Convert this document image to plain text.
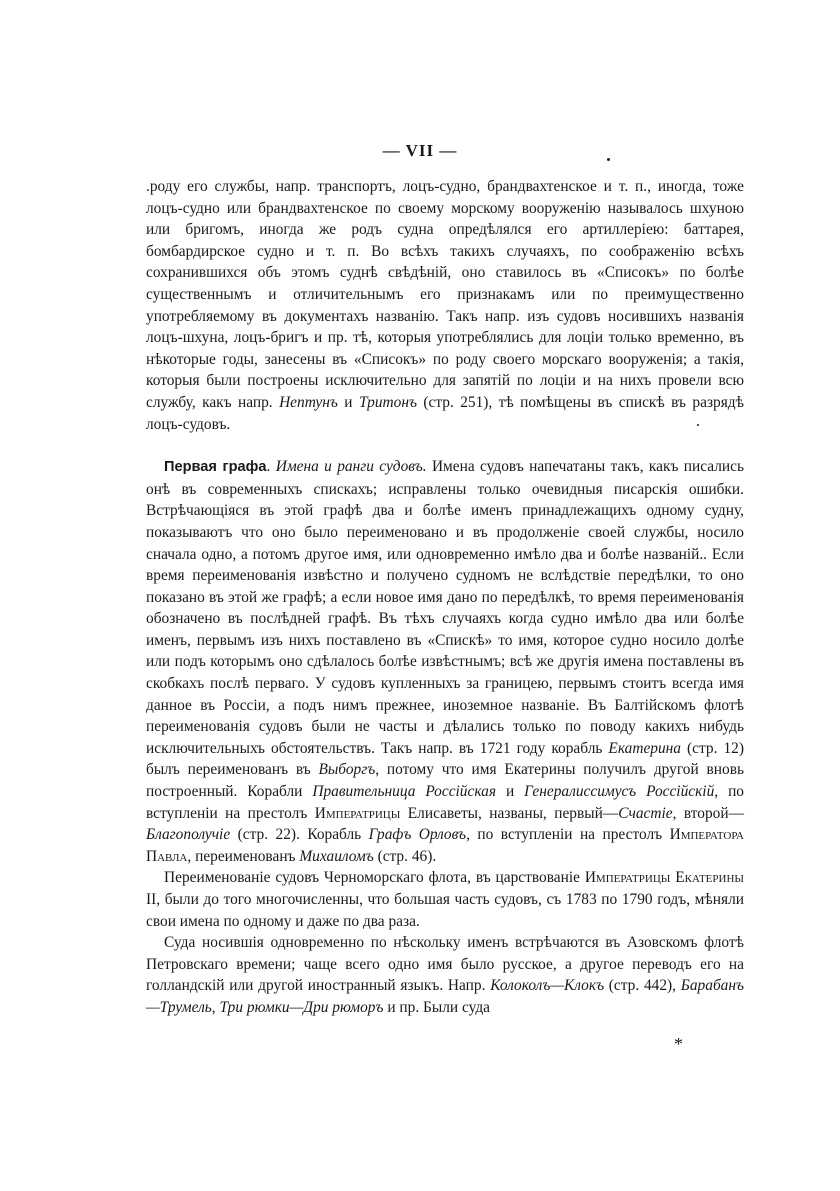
— VII —

.роду его службы, напр. транспортъ, лоцъ-судно, брандвахтенское и т. п., иногда, тоже лоцъ-судно или брандвахтенское по своему морскому вооруженію называлось шхуною или бригомъ, иногда же родъ судна опредѣлялся его артиллеріею: баттарея, бомбардирское судно и т. п. Во всѣхъ такихъ случаяхъ, по соображенію всѣхъ сохранившихся объ этомъ суднѣ свѣдѣній, оно ставилось въ «Списокъ» по болѣе существеннымъ и отличительнымъ его признакамъ или по преимущественно употребляемому въ документахъ названію. Такъ напр. изъ судовъ носившихъ названія лоцъ-шхуна, лоцъ-бригъ и пр. тѣ, которыя употреблялись для лоціи только временно, въ нѣкоторые годы, занесены въ «Списокъ» по роду своего морскаго вооруженія; а такія, которыя были построены исключительно для запятій по лоціи и на нихъ провели всю службу, какъ напр. Нептунъ и Тритонъ (стр. 251), тѣ помѣщены въ спискѣ въ разрядѣ лоцъ-судовъ.

Первая графа. Имена и ранги судовъ. Имена судовъ напечатаны такъ, какъ писались онѣ въ современныхъ спискахъ; исправлены только очевидныя писарскія ошибки. Встрѣчающіяся въ этой графѣ два и болѣе именъ принадлежащихъ одному судну, показываютъ что оно было переименовано и въ продолженіе своей службы, носило сначала одно, а потомъ другое имя, или одновременно имѣло два и болѣе названій.. Если время переименованія извѣстно и получено судномъ не вслѣдствіе передѣлки, то оно показано въ этой же графѣ; а если новое имя дано по передѣлкѣ, то время переименованія обозначено въ послѣдней графѣ. Въ тѣхъ случаяхъ когда судно имѣло два или болѣе именъ, первымъ изъ нихъ поставлено въ «Спискѣ» то имя, которое судно носило долѣе или подъ которымъ оно сдѣлалось болѣе извѣстнымъ; всѣ же другія имена поставлены въ скобкахъ послѣ перваго. У судовъ купленныхъ за границею, первымъ стоитъ всегда имя данное въ Россіи, а подъ нимъ прежнее, иноземное названіе. Въ Балтійскомъ флотѣ переименованія судовъ были не часты и дѣлались только по поводу какихъ нибудь исключительныхъ обстоятельствъ. Такъ напр. въ 1721 году корабль Екатерина (стр. 12) былъ переименованъ въ Выборгъ, потому что имя Екатерины получилъ другой вновь построенный. Корабли Правительница Россійская и Генералиссимусъ Россійскій, по вступленіи на престолъ Императрицы Елисаветы, названы, первый—Счастіе, второй—Благополучіе (стр. 22). Корабль Графъ Орловъ, по вступленіи на престолъ Императора Павла, переименованъ Михаиломъ (стр. 46).

Переименованіе судовъ Черноморскаго флота, въ царствованіе Императрицы Екатерины II, были до того многочисленны, что большая часть судовъ, съ 1783 по 1790 годъ, мѣняли свои имена по одному и даже по два раза.

Суда носившія одновременно по нѣскольку именъ встрѣчаются въ Азовскомъ флотѣ Петровскаго времени; чаще всего одно имя было русское, а другое переводъ его на голландскій или другой иностранный языкъ. Напр. Колоколъ—Клокъ (стр. 442), Барабанъ—Трумель, Три рюмки—Дри рюморъ и пр. Были суда

*
